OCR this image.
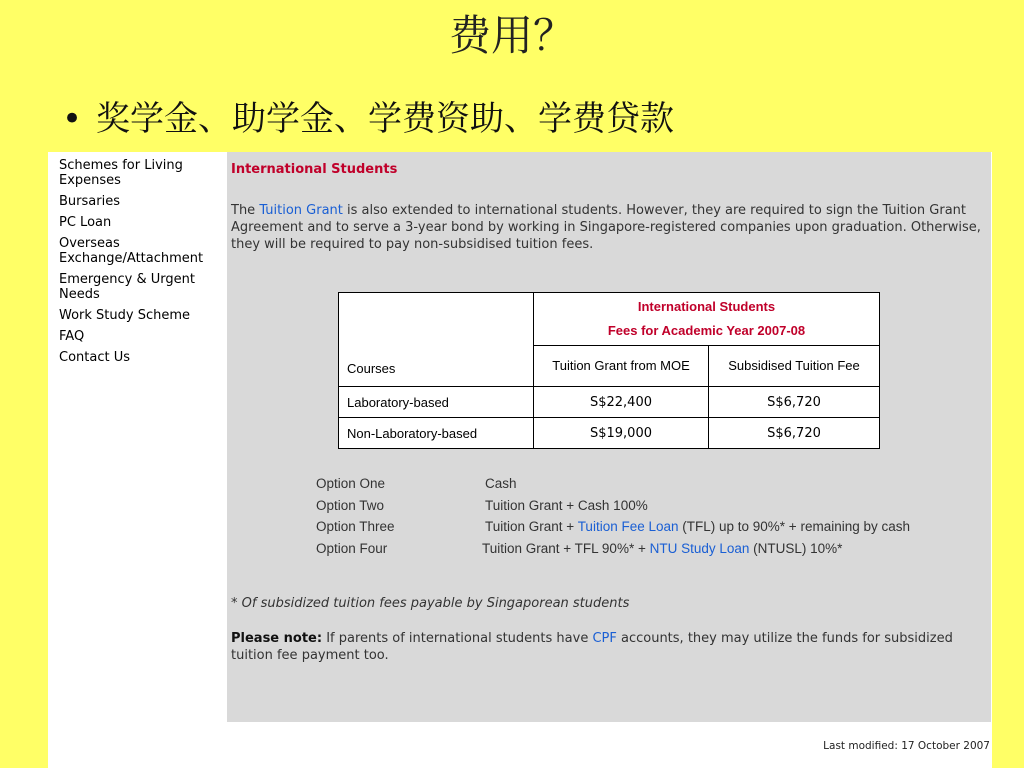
费用？
• 奖学金、助学金、学费资助、学费贷款
Schemes for Living Expenses
Bursaries
PC Loan
Overseas Exchange/Attachment
Emergency & Urgent Needs
Work Study Scheme
FAQ
Contact Us
International Students
The Tuition Grant is also extended to international students. However, they are required to sign the Tuition Grant Agreement and to serve a 3-year bond by working in Singapore-registered companies upon graduation. Otherwise, they will be required to pay non-subsidised tuition fees.
Courses	International Students
Fees for Academic Year 2007-08	

	Tuition Grant from MOE	Subsidised Tuition Fee
Laboratory-based	S$22,400	S$6,720
Non-Laboratory-based	S$19,000	S$6,720
Option One	Cash
Option Two	Tuition Grant + Cash 100%
Option Three	Tuition Grant + Tuition Fee Loan (TFL) up to 90%* + remaining by cash
Option Four	Tuition Grant + TFL 90%* + NTU Study Loan (NTUSL) 10%*
* Of subsidized tuition fees payable by Singaporean students
Please note: If parents of international students have CPF accounts, they may utilize the funds for subsidized tuition fee payment too.
Last modified: 17 October 2007
